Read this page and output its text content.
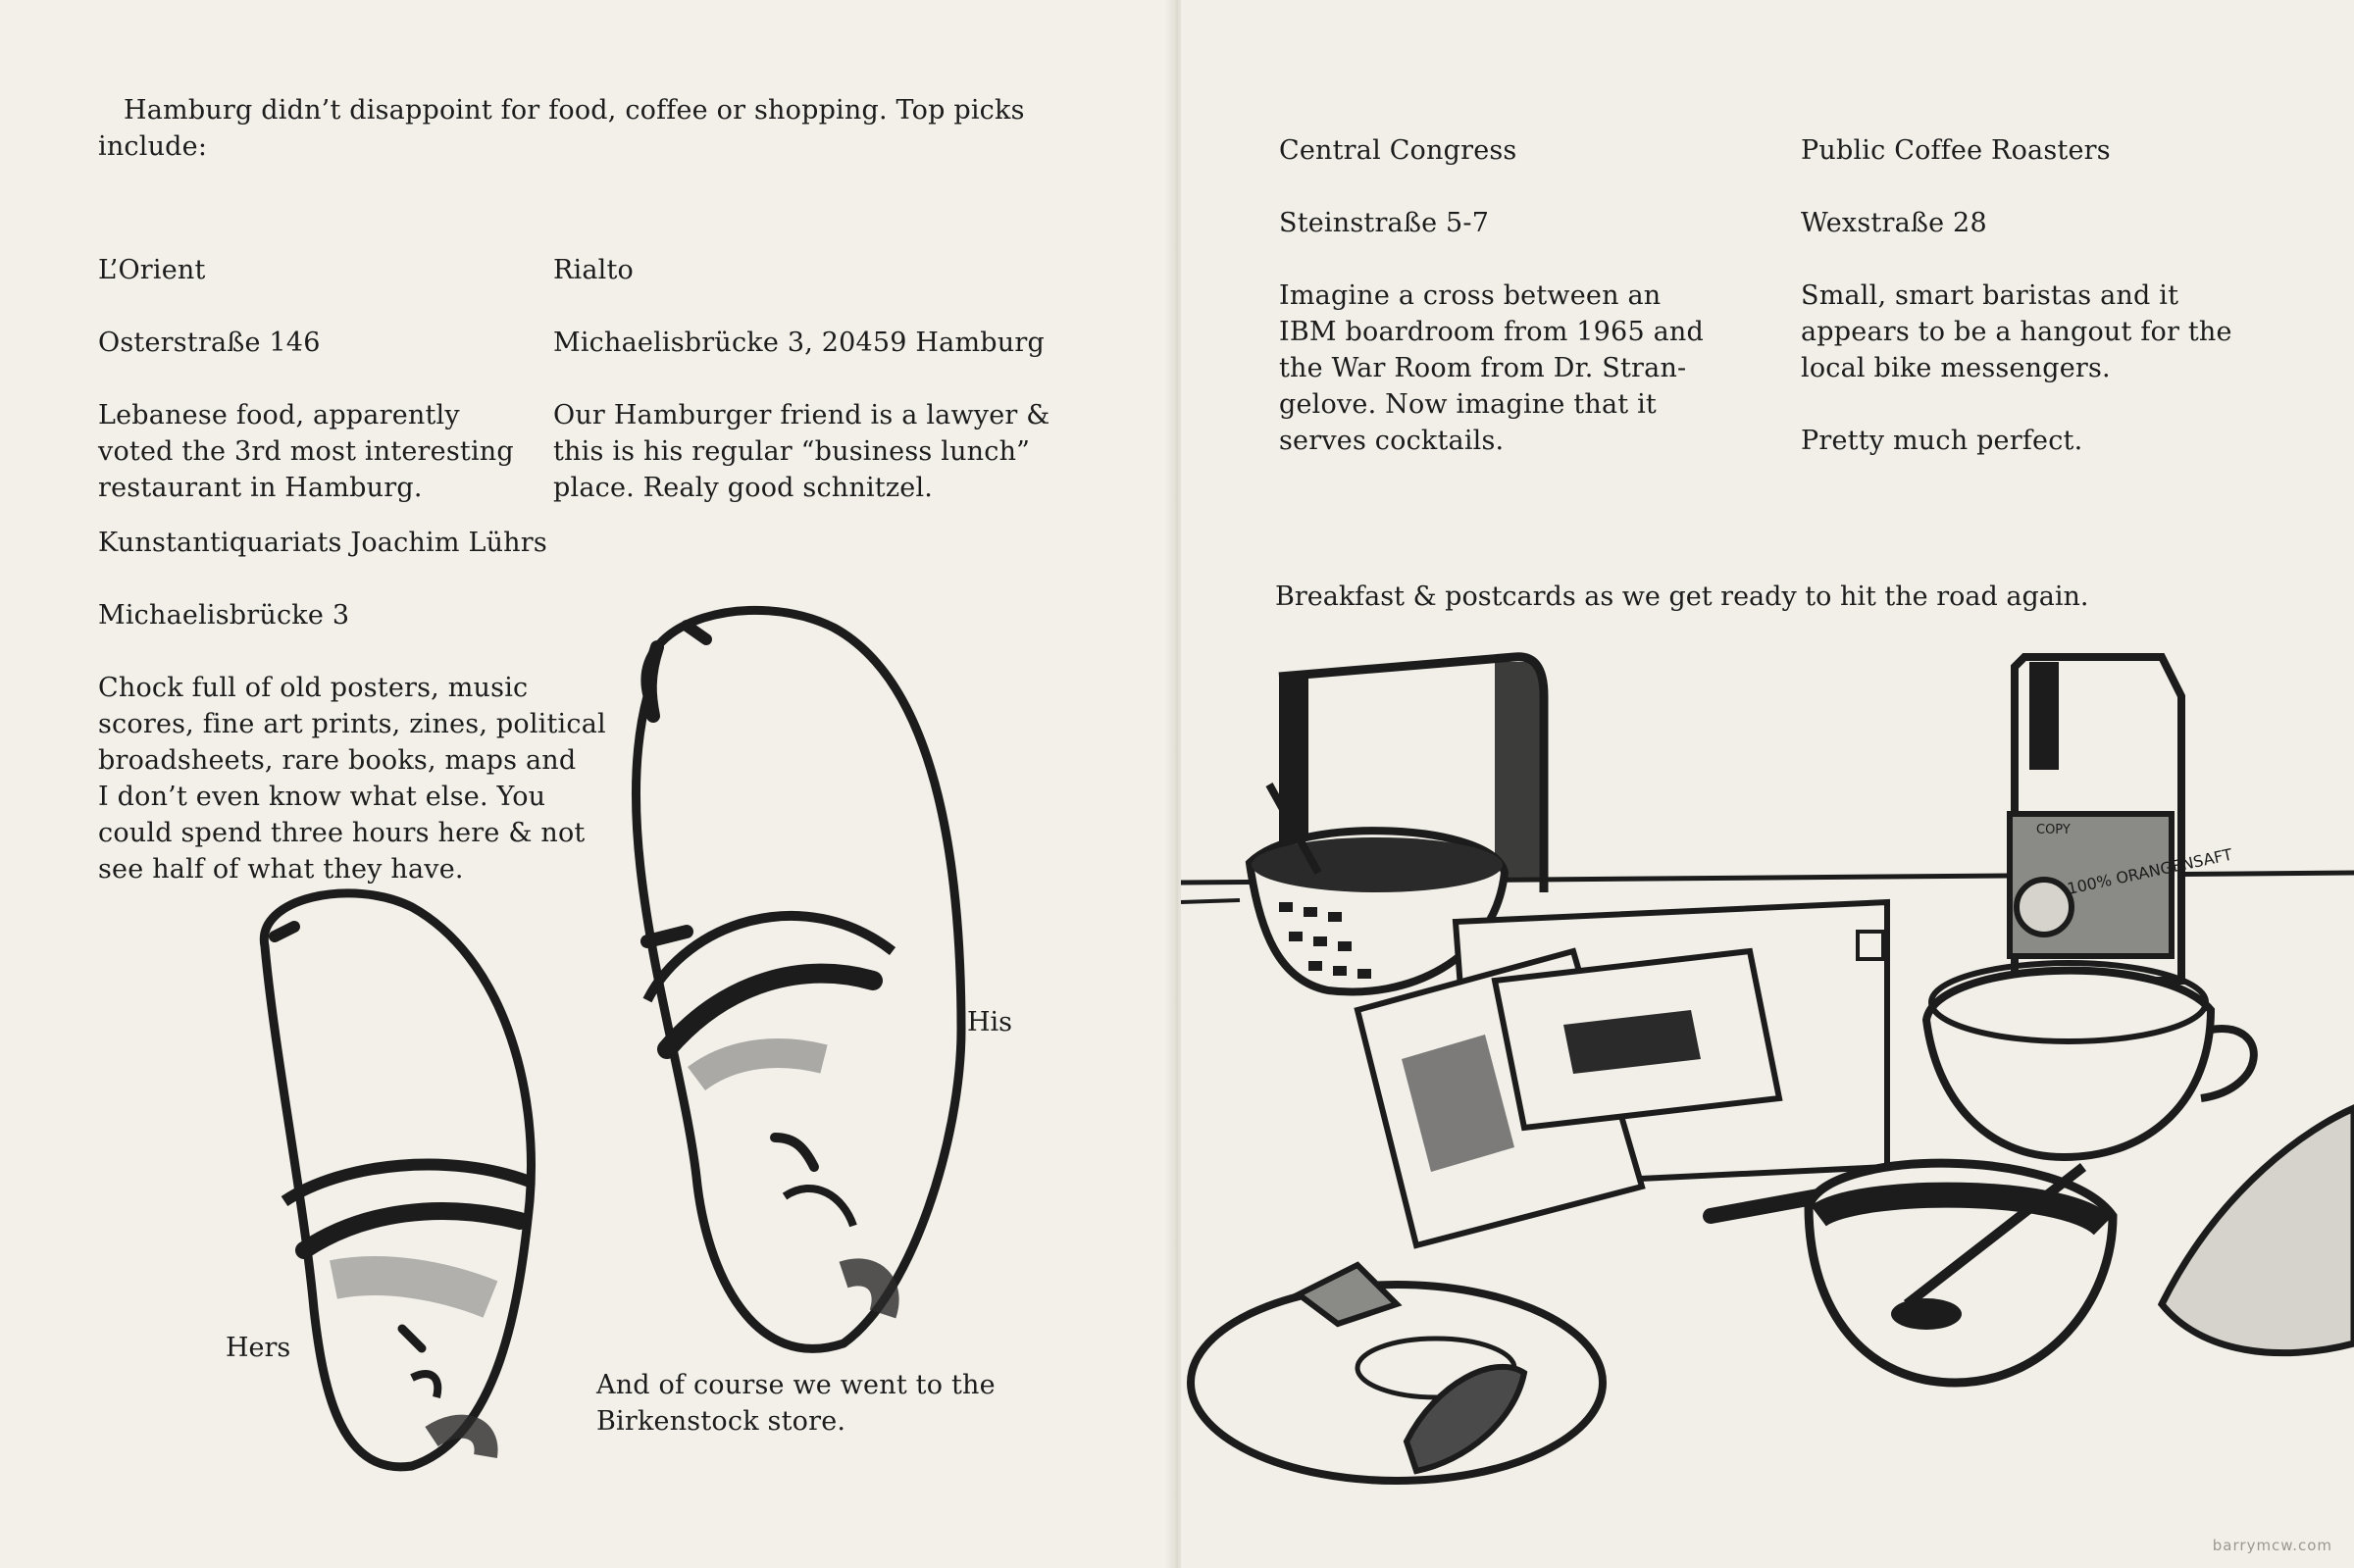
Hamburg didn’t disappoint for food, coffee or shopping. Top picks include:

L’Orient

Osterstraße 146

Lebanese food, apparently
voted the 3rd most interesting
restaurant in Hamburg.

Rialto

Michaelisbrücke 3, 20459 Hamburg

Our Hamburger friend is a lawyer &
this is his regular “business lunch”
place. Realy good schnitzel.

Kunstantiquariats Joachim Lührs

Michaelisbrücke 3

Chock full of old posters, music
scores, fine art prints, zines, political
broadsheets, rare books, maps and
I don’t even know what else. You
could spend three hours here & not
see half of what they have.

His
Hers
And of course we went to the
Birkenstock store.

Central Congress

Steinstraße 5-7

Imagine a cross between an
IBM boardroom from 1965 and
the War Room from Dr. Stran-
gelove. Now imagine that it
serves cocktails.

Public Coffee Roasters

Wexstraße 28

Small, smart baristas and it
appears to be a hangout for the
local bike messengers.

Pretty much perfect.

Breakfast & postcards as we get ready to hit the road again.
COPY
100% ORANGENSAFT
barrymcw.com
